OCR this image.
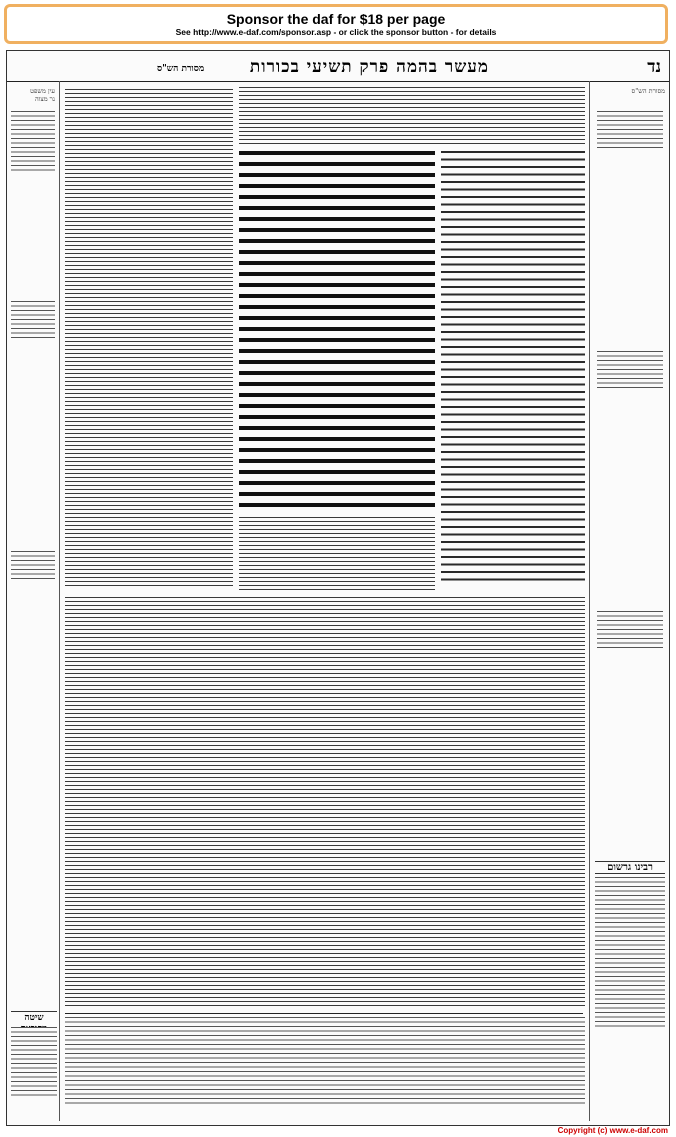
Sponsor the daf for $18 per page
See http://www.e-daf.com/sponsor.asp - or click the sponsor button - for details
נד
מעשר בהמה פרק תשיעי בכורות
מסורת הש"ס
עין משפט
נר מצוה
מסורת הש"ס
רבינו גרשום
שיטה
Copyright (c) www.e-daf.com
